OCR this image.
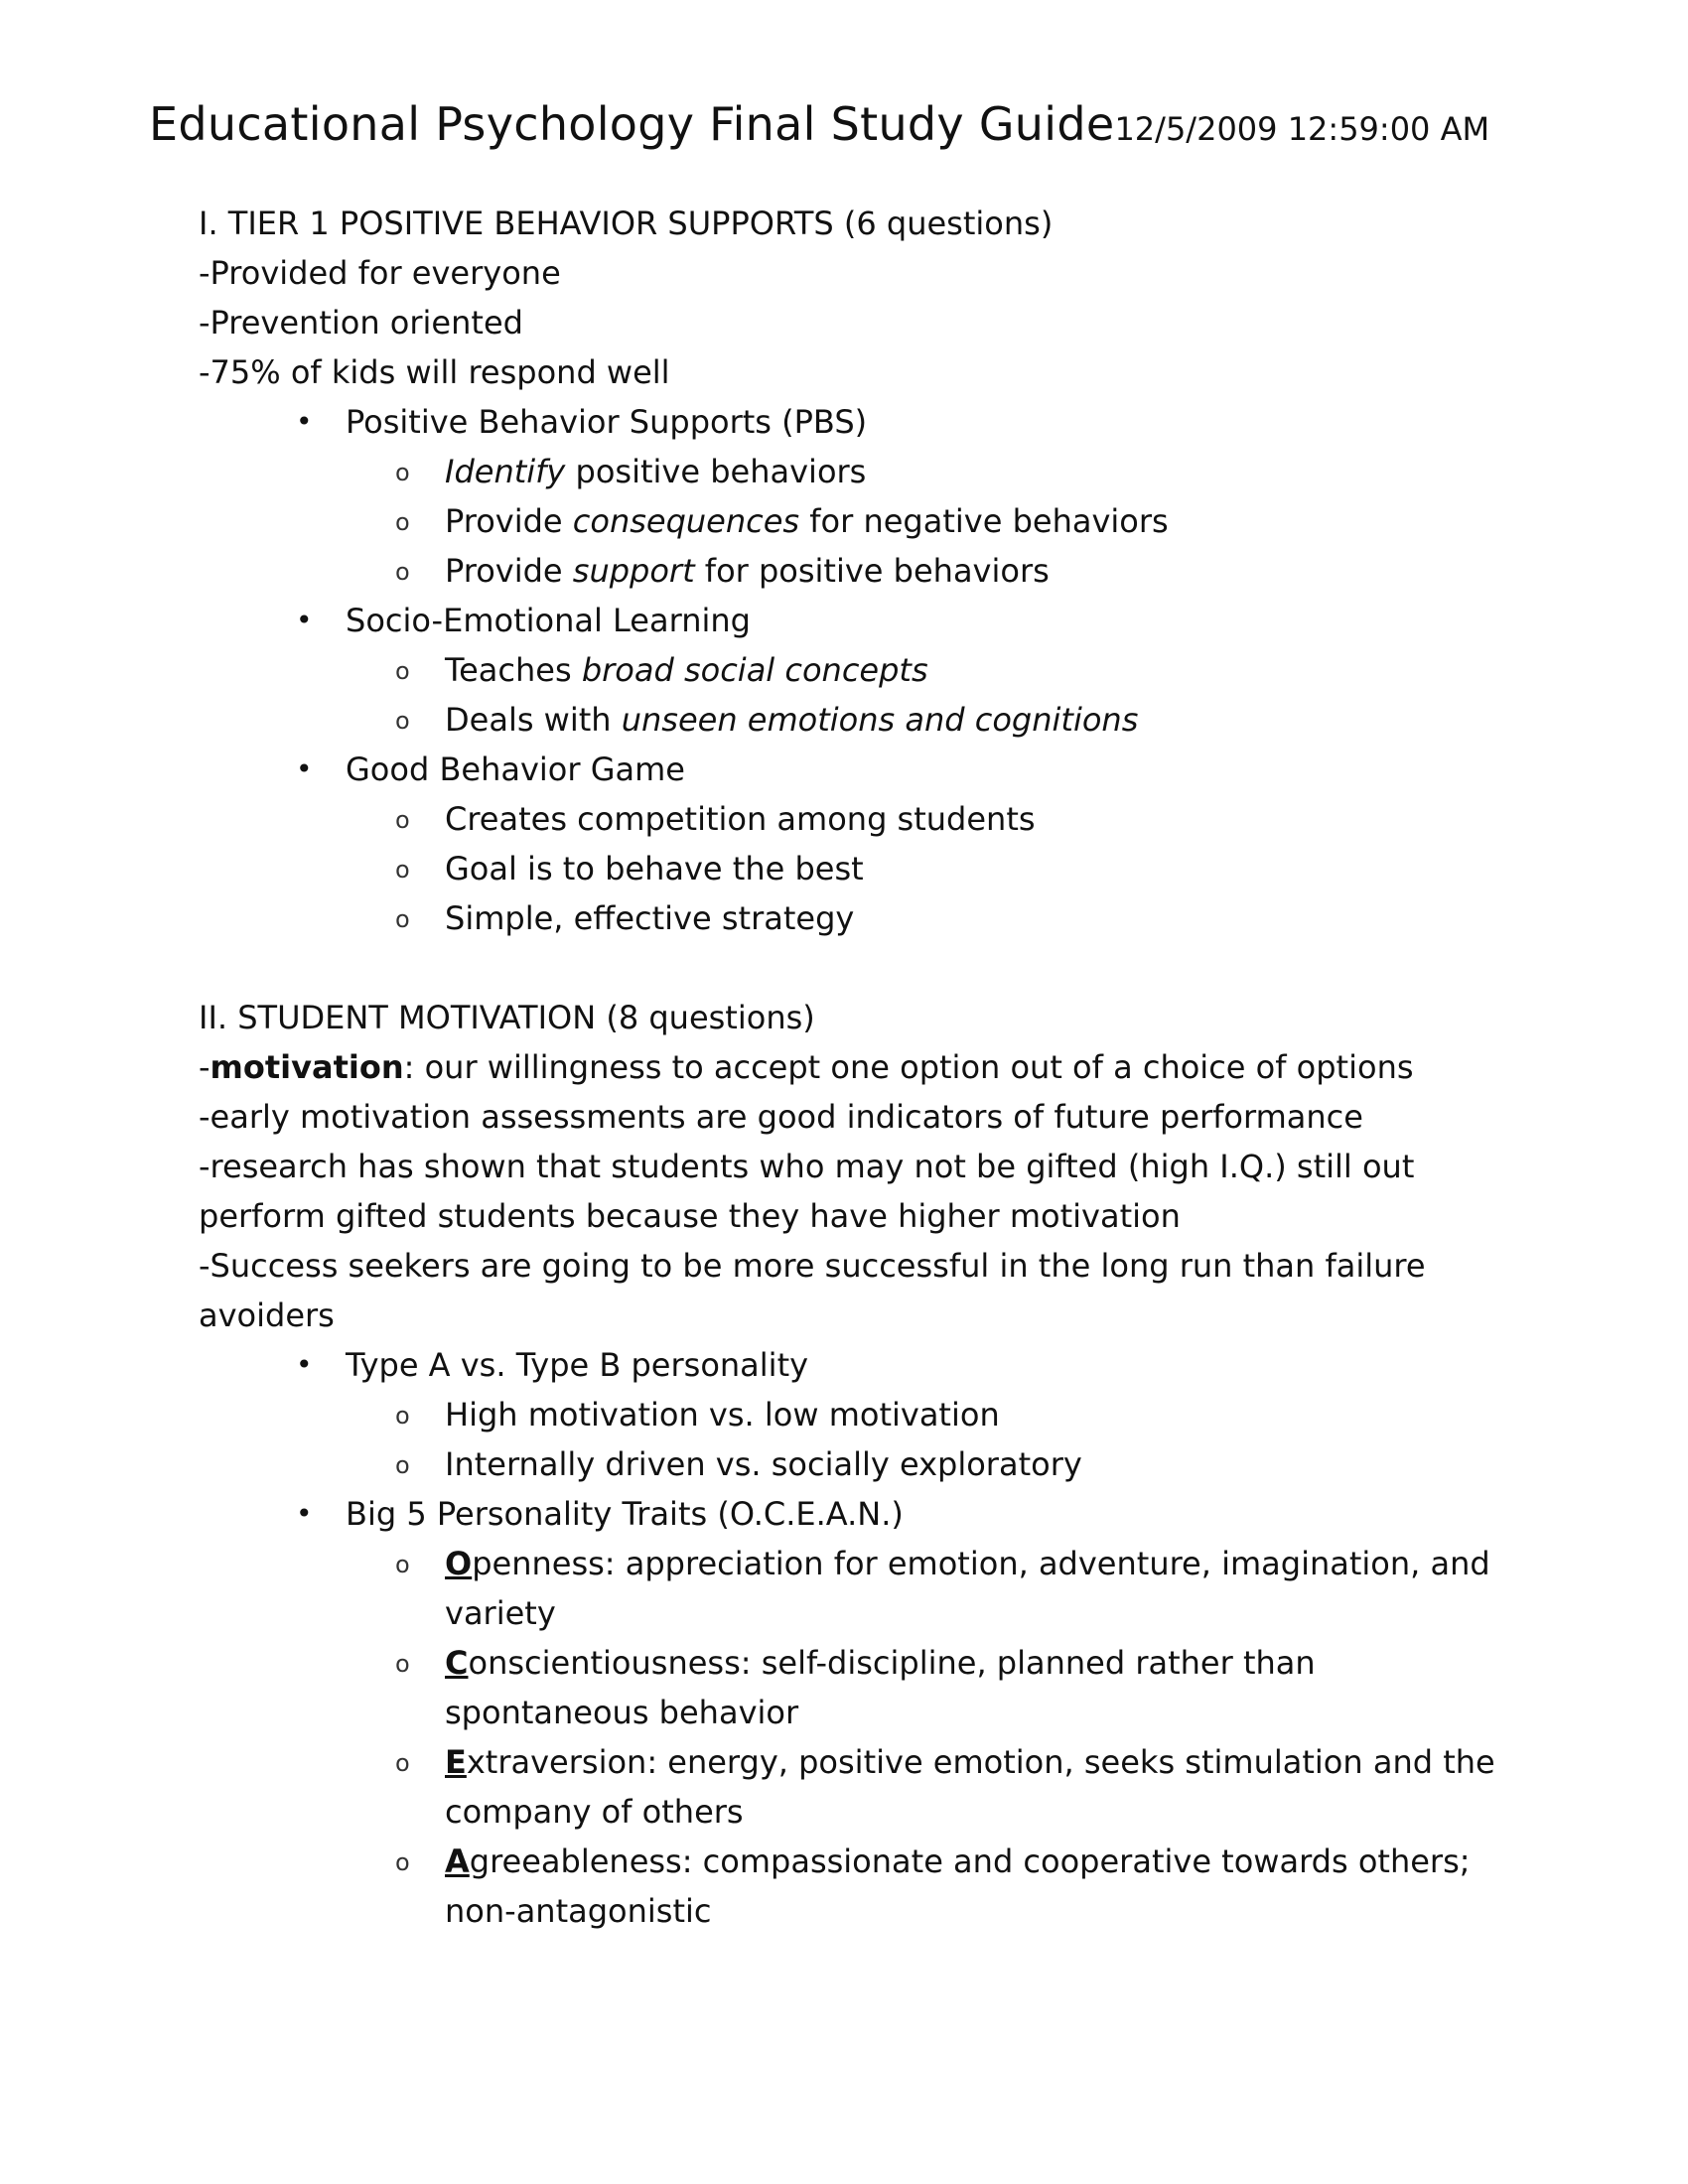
Educational Psychology Final Study Guide12/5/2009 12:59:00 AM

I. TIER 1 POSITIVE BEHAVIOR SUPPORTS (6 questions)

-Provided for everyone

-Prevention oriented

-75% of kids will respond well

• Positive Behavior Supports (PBS)
o Identify positive behaviors
o Provide consequences for negative behaviors
o Provide support for positive behaviors
• Socio-Emotional Learning
o Teaches broad social concepts
o Deals with unseen emotions and cognitions
• Good Behavior Game
o Creates competition among students
o Goal is to behave the best
o Simple, effective strategy

II. STUDENT MOTIVATION (8 questions)

-motivation: our willingness to accept one option out of a choice of options

-early motivation assessments are good indicators of future performance

-research has shown that students who may not be gifted (high I.Q.) still out perform gifted students because they have higher motivation

-Success seekers are going to be more successful in the long run than failure avoiders

• Type A vs. Type B personality
o High motivation vs. low motivation
o Internally driven vs. socially exploratory
• Big 5 Personality Traits (O.C.E.A.N.)
o Openness: appreciation for emotion, adventure, imagination, and variety
o Conscientiousness: self-discipline, planned rather than spontaneous behavior
o Extraversion: energy, positive emotion, seeks stimulation and the company of others
o Agreeableness: compassionate and cooperative towards others; non-antagonistic
